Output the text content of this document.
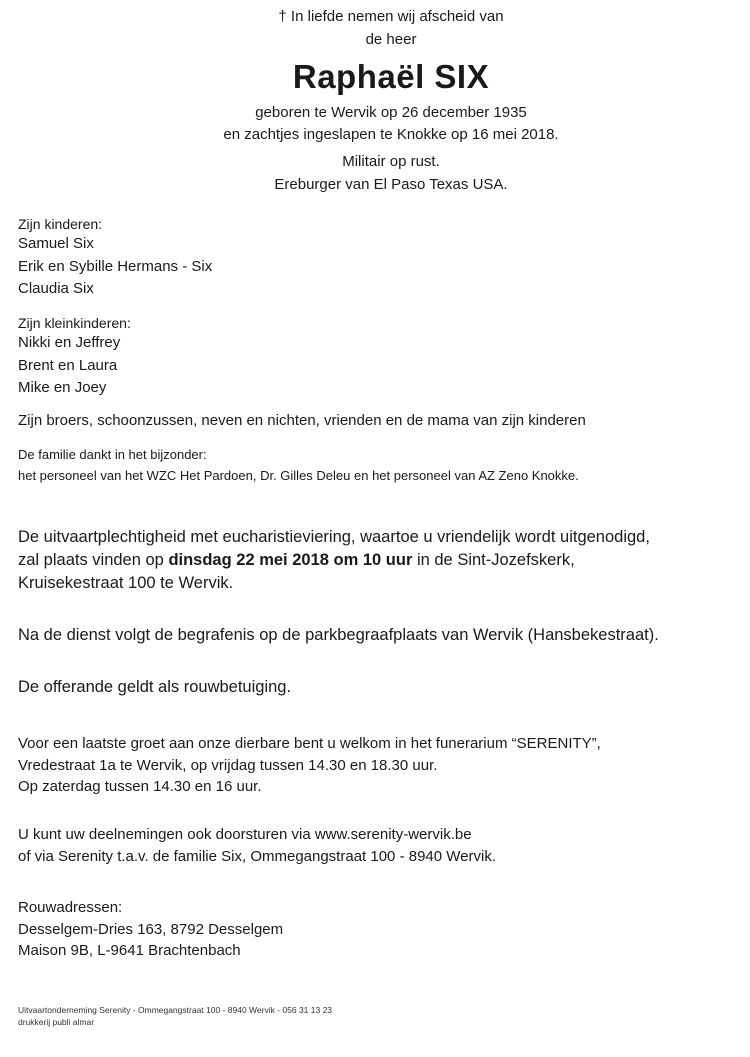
† In liefde nemen wij afscheid van
de heer
Raphaël SIX
geboren te Wervik op 26 december 1935
en zachtjes ingeslapen te Knokke op 16 mei 2018.
Militair op rust.
Ereburger van El Paso Texas USA.
Zijn kinderen:
Samuel Six
Erik en Sybille Hermans - Six
Claudia Six
Zijn kleinkinderen:
Nikki en Jeffrey
Brent en Laura
Mike en Joey
Zijn broers, schoonzussen, neven en nichten, vrienden en de mama van zijn kinderen
De familie dankt in het bijzonder:
het personeel van het WZC Het Pardoen, Dr. Gilles Deleu en het personeel van AZ Zeno Knokke.
De uitvaartplechtigheid met eucharistieviering, waartoe u vriendelijk wordt uitgenodigd,
zal plaats vinden op dinsdag 22 mei 2018 om 10 uur in de Sint-Jozefskerk,
Kruisekestraat 100 te Wervik.
Na de dienst volgt de begrafenis op de parkbegraafplaats van Wervik (Hansbekestraat).
De offerande geldt als rouwbetuiging.
Voor een laatste groet aan onze dierbare bent u welkom in het funerarium “SERENITY”,
Vredestraat 1a te Wervik, op vrijdag tussen 14.30 en 18.30 uur.
Op zaterdag tussen 14.30 en 16 uur.
U kunt uw deelnemingen ook doorsturen via www.serenity-wervik.be
of via Serenity t.a.v. de familie Six, Ommegangstraat 100 - 8940 Wervik.
Rouwadressen:
Desselgem-Dries 163, 8792 Desselgem
Maison 9B, L-9641 Brachtenbach
Uitvaartonderneming Serenity - Ommegangstraat 100 - 8940 Wervik - 056 31 13 23
drukkerij publi almar
